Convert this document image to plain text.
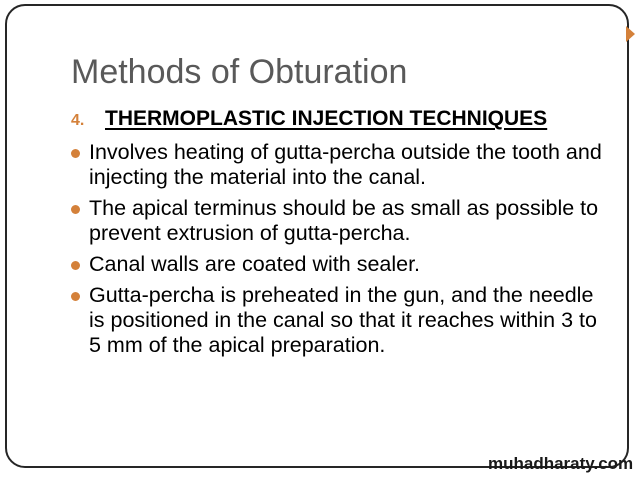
Methods of Obturation
4. THERMOPLASTIC INJECTION TECHNIQUES
Involves heating of gutta-percha outside the tooth and injecting the material into the canal.
The apical terminus should be as small as possible to prevent extrusion of gutta-percha.
Canal walls are coated with sealer.
Gutta-percha is preheated in the gun, and the needle is positioned in the canal so that it reaches within 3 to 5 mm of the apical preparation.
muhadharaty.com
